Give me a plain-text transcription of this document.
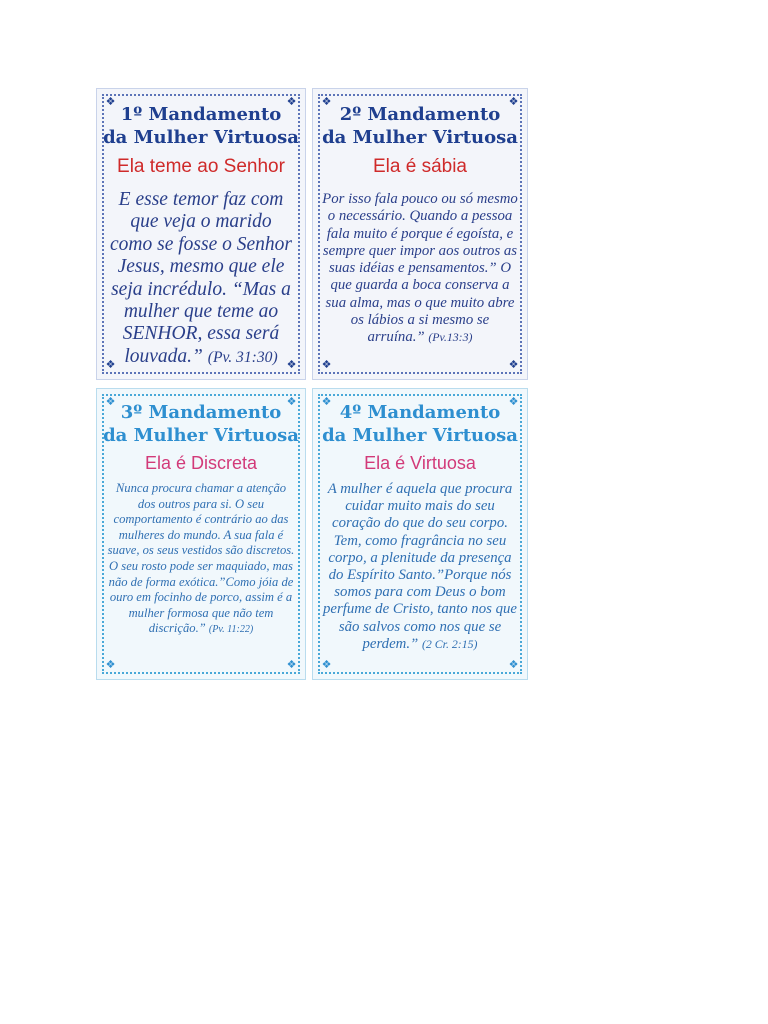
❖	❖
❖	❖

1º Mandamento
da Mulher Virtuosa

Ela teme ao Senhor

E esse temor faz com que veja o marido como se fosse o Senhor Jesus, mesmo que ele seja incrédulo. “Mas a mulher que teme ao SENHOR, essa será louvada.” (Pv. 31:30)

❖	❖
❖	❖

2º Mandamento
da Mulher Virtuosa

Ela é sábia

Por isso fala pouco ou só mesmo o necessário. Quando a pessoa fala muito é porque é egoísta, e sempre quer impor aos outros as suas idéias e pensamentos.” O que guarda a boca conserva a sua alma, mas o que muito abre os lábios a si mesmo se arruína.” (Pv.13:3)

❖	❖
❖	❖

3º Mandamento
da Mulher Virtuosa

Ela é Discreta

Nunca procura chamar a atenção dos outros para si. O seu comportamento é contrário ao das mulheres do mundo. A sua fala é suave, os seus vestidos são discretos. O seu rosto pode ser maquiado, mas não de forma exótica.”Como jóia de ouro em focinho de porco, assim é a mulher formosa que não tem discrição.” (Pv. 11:22)

❖	❖
❖	❖

4º Mandamento
da Mulher Virtuosa

Ela é Virtuosa

A mulher é aquela que procura cuidar muito mais do seu coração do que do seu corpo. Tem, como fragrância no seu corpo, a plenitude da presença do Espírito Santo.”Porque nós somos para com Deus o bom perfume de Cristo, tanto nos que são salvos como nos que se perdem.” (2 Cr. 2:15)
